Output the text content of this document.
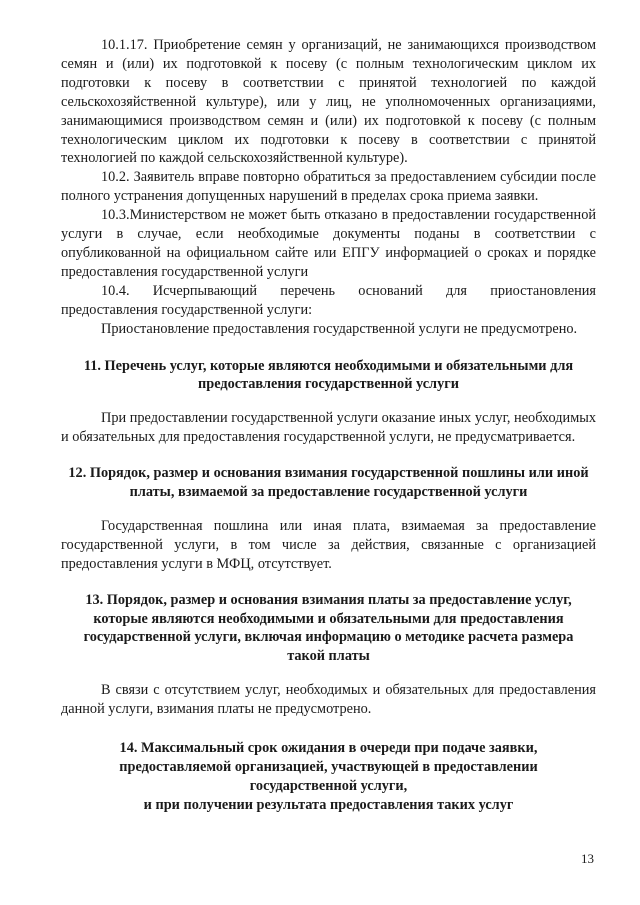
10.1.17. Приобретение семян у организаций, не занимающихся производством семян и (или) их подготовкой к посеву (с полным технологическим циклом их подготовки к посеву в соответствии с принятой технологией по каждой сельскохозяйственной культуре), или у лиц, не уполномоченных организациями, занимающимися производством семян и (или) их подготовкой к посеву (с полным технологическим циклом их подготовки к посеву в соответствии с принятой технологией по каждой сельскохозяйственной культуре).

10.2. Заявитель вправе повторно обратиться за предоставлением субсидии после полного устранения допущенных нарушений в пределах срока приема заявки.

10.3.Министерством не может быть отказано в предоставлении государственной услуги в случае, если необходимые документы поданы в соответствии с опубликованной на официальном сайте или ЕПГУ информацией о сроках и порядке предоставления государственной услуги

10.4. Исчерпывающий перечень оснований для приостановления предоставления государственной услуги:

Приостановление предоставления государственной услуги не предусмотрено.

11. Перечень услуг, которые являются необходимыми и обязательными для предоставления государственной услуги

При предоставлении государственной услуги оказание иных услуг, необходимых и обязательных для предоставления государственной услуги, не предусматривается.

12. Порядок, размер и основания взимания государственной пошлины или иной платы, взимаемой за предоставление государственной услуги

Государственная пошлина или иная плата, взимаемая за предоставление государственной услуги, в том числе за действия, связанные с организацией предоставления услуги в МФЦ, отсутствует.

13. Порядок, размер и основания взимания платы за предоставление услуг, которые являются необходимыми и обязательными для предоставления государственной услуги, включая информацию о методике расчета размера такой платы

В связи с отсутствием услуг, необходимых и обязательных для предоставления данной услуги, взимания платы не предусмотрено.

14. Максимальный срок ожидания в очереди при подаче заявки,
предоставляемой организацией, участвующей в предоставлении
государственной услуги,
и при получении результата предоставления таких услуг
13
